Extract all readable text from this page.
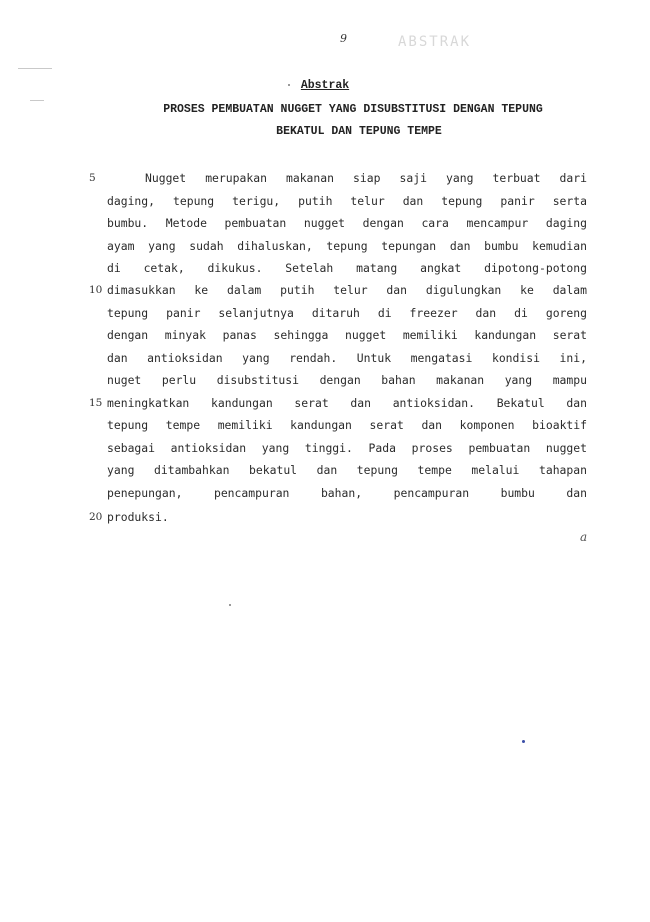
9	ABSTRAK
Abstrak
PROSES PEMBUATAN NUGGET YANG DISUBSTITUSI DENGAN TEPUNG
BEKATUL DAN TEPUNG TEMPE
5
10
15
20
Nugget merupakan makanan siap saji yang terbuat dari
daging, tepung terigu, putih telur dan tepung panir serta
bumbu. Metode pembuatan nugget dengan cara mencampur daging
ayam yang sudah dihaluskan, tepung tepungan dan bumbu kemudian
di cetak, dikukus. Setelah matang angkat dipotong-potong
dimasukkan ke dalam putih telur dan digulungkan ke dalam
tepung panir selanjutnya ditaruh di freezer dan di goreng
dengan minyak panas sehingga nugget memiliki kandungan serat
dan antioksidan yang rendah. Untuk mengatasi kondisi ini,
nuget perlu disubstitusi dengan bahan makanan yang mampu
meningkatkan kandungan serat dan antioksidan. Bekatul dan
tepung tempe memiliki kandungan serat dan komponen bioaktif
sebagai antioksidan yang tinggi. Pada proses pembuatan nugget
yang ditambahkan bekatul dan tepung tempe melalui tahapan
penepungan, pencampuran bahan, pencampuran bumbu dan
produksi.
a
